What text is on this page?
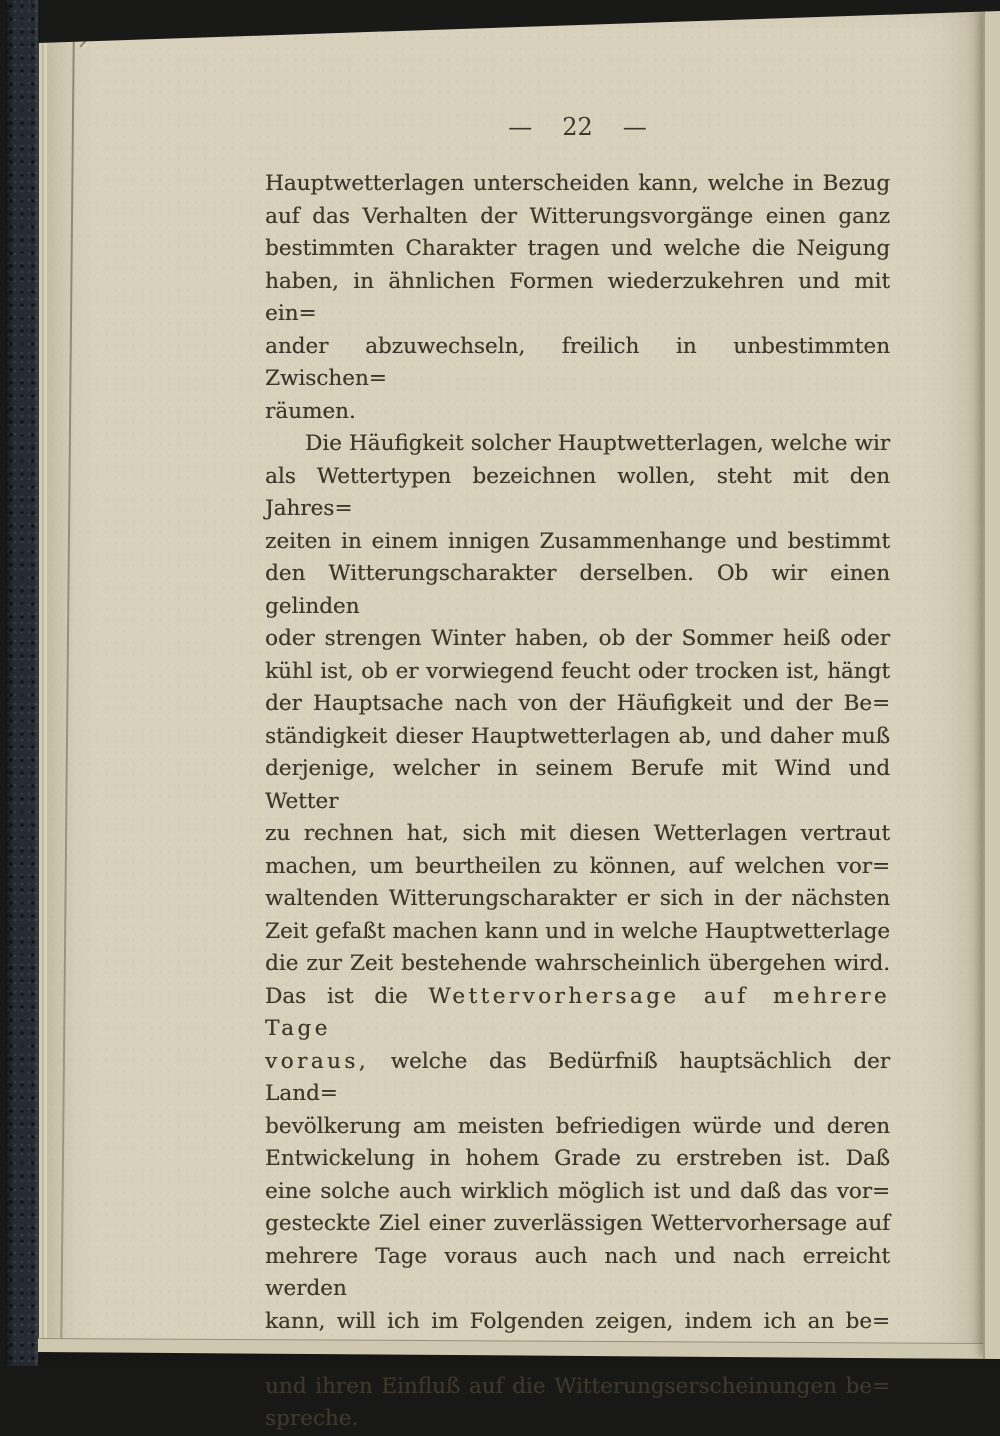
— 22 —
Hauptwetterlagen unterscheiden kann, welche in Bezug
auf das Verhalten der Witterungsvorgänge einen ganz
bestimmten Charakter tragen und welche die Neigung
haben, in ähnlichen Formen wiederzukehren und mit ein=
ander abzuwechseln, freilich in unbestimmten Zwischen=
räumen.
Die Häufigkeit solcher Hauptwetterlagen, welche wir
als Wettertypen bezeichnen wollen, steht mit den Jahres=
zeiten in einem innigen Zusammenhange und bestimmt
den Witterungscharakter derselben. Ob wir einen gelinden
oder strengen Winter haben, ob der Sommer heiß oder
kühl ist, ob er vorwiegend feucht oder trocken ist, hängt
der Hauptsache nach von der Häufigkeit und der Be=
ständigkeit dieser Hauptwetterlagen ab, und daher muß
derjenige, welcher in seinem Berufe mit Wind und Wetter
zu rechnen hat, sich mit diesen Wetterlagen vertraut
machen, um beurtheilen zu können, auf welchen vor=
waltenden Witterungscharakter er sich in der nächsten
Zeit gefaßt machen kann und in welche Hauptwetterlage
die zur Zeit bestehende wahrscheinlich übergehen wird.
Das ist die Wettervorhersage auf mehrere Tage
voraus, welche das Bedürfniß hauptsächlich der Land=
bevölkerung am meisten befriedigen würde und deren
Entwickelung in hohem Grade zu erstreben ist. Daß
eine solche auch wirklich möglich ist und daß das vor=
gesteckte Ziel einer zuverlässigen Wettervorhersage auf
mehrere Tage voraus auch nach und nach erreicht werden
kann, will ich im Folgenden zeigen, indem ich an be=
und ihren Einfluß auf die Witterungserscheinungen be=
spreche.
